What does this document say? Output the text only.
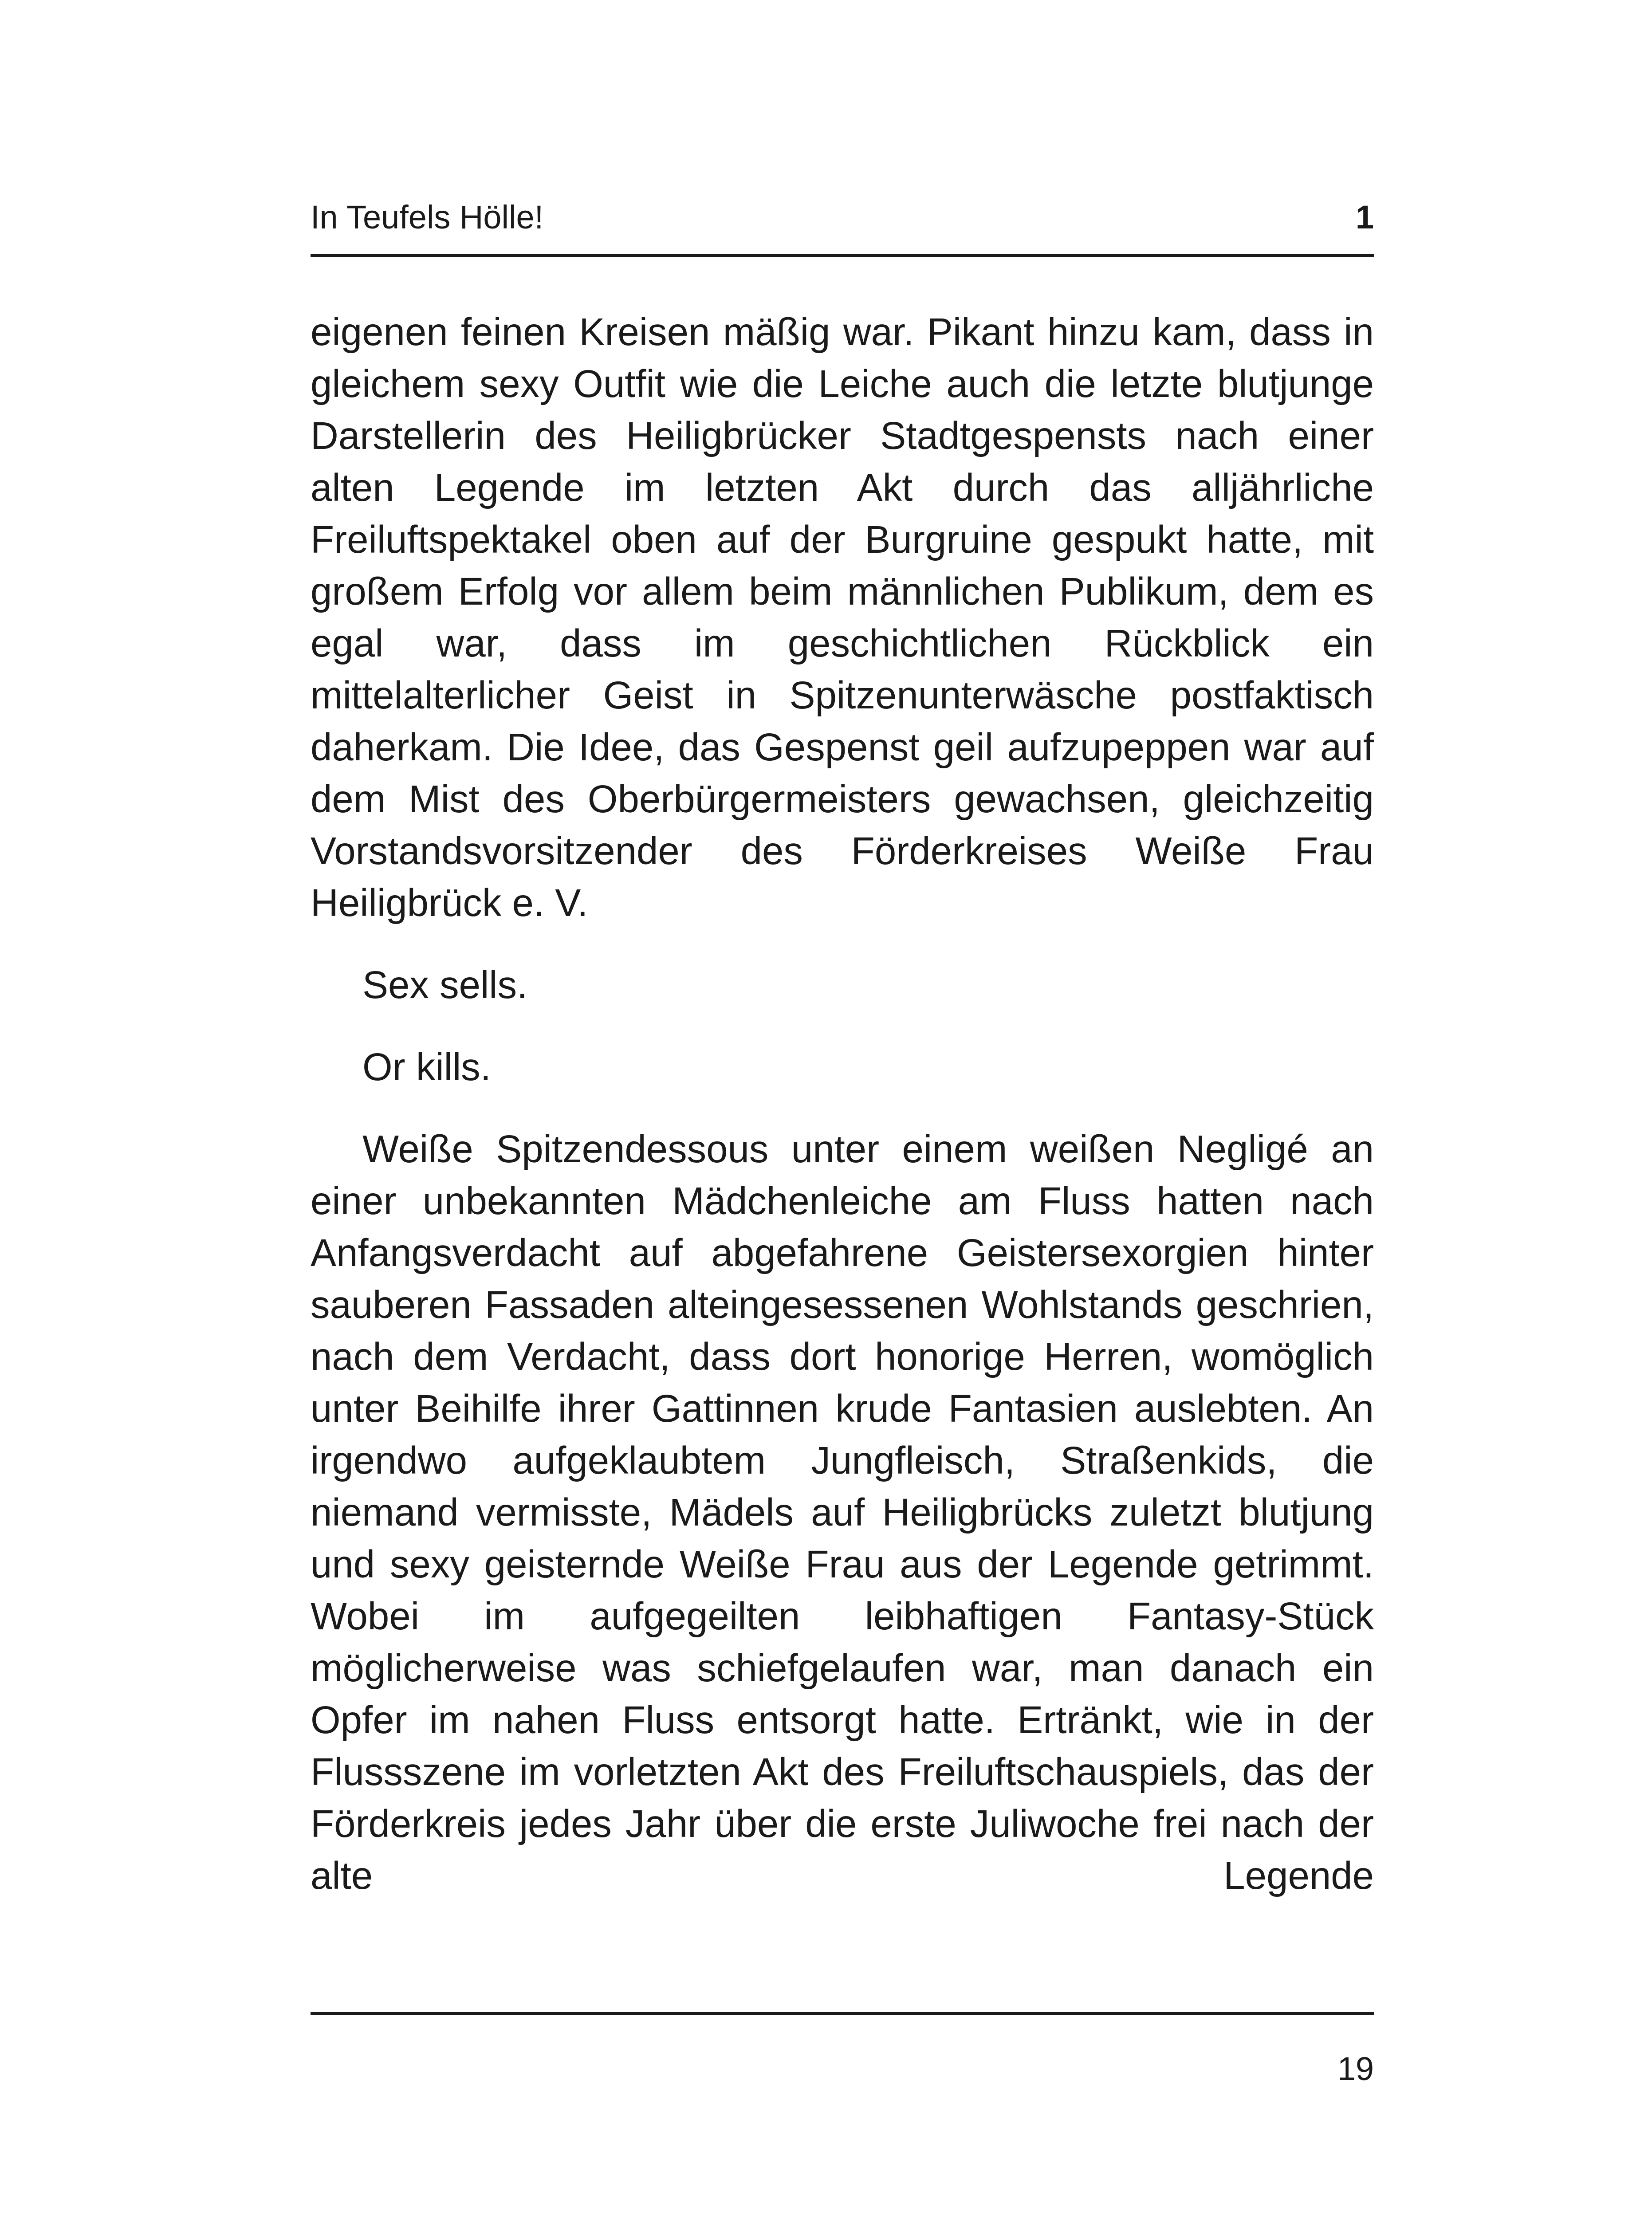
In Teufels Hölle!	1

eigenen feinen Kreisen mäßig war. Pikant hinzu kam, dass in gleichem sexy Outfit wie die Leiche auch die letzte blutjunge Darstellerin des Heiligbrücker Stadtgespensts nach einer alten Legende im letzten Akt durch das alljährliche Freiluftspektakel oben auf der Burgruine gespukt hatte, mit großem Erfolg vor allem beim männlichen Publikum, dem es egal war, dass im geschichtlichen Rückblick ein mittelalterlicher Geist in Spitzenunterwäsche postfaktisch daherkam. Die Idee, das Gespenst geil aufzupeppen war auf dem Mist des Oberbürgermeisters gewachsen, gleichzeitig Vorstandsvorsitzender des Förderkreises Weiße Frau Heiligbrück e. V.

Sex sells.

Or kills.

Weiße Spitzendessous unter einem weißen Negligé an einer unbekannten Mädchenleiche am Fluss hatten nach Anfangsverdacht auf abgefahrene Geistersexorgien hinter sauberen Fassaden alteingesessenen Wohlstands geschrien, nach dem Verdacht, dass dort honorige Herren, womöglich unter Beihilfe ihrer Gattinnen krude Fantasien auslebten. An irgendwo aufgeklaubtem Jungfleisch, Straßenkids, die niemand vermisste, Mädels auf Heiligbrücks zuletzt blutjung und sexy geisternde Weiße Frau aus der Legende getrimmt. Wobei im aufgegeilten leibhaftigen Fantasy-Stück möglicherweise was schiefgelaufen war, man danach ein Opfer im nahen Fluss entsorgt hatte. Ertränkt, wie in der Flussszene im vorletzten Akt des Freiluftschauspiels, das der Förderkreis jedes Jahr über die erste Juliwoche frei nach der alte Legende

19
